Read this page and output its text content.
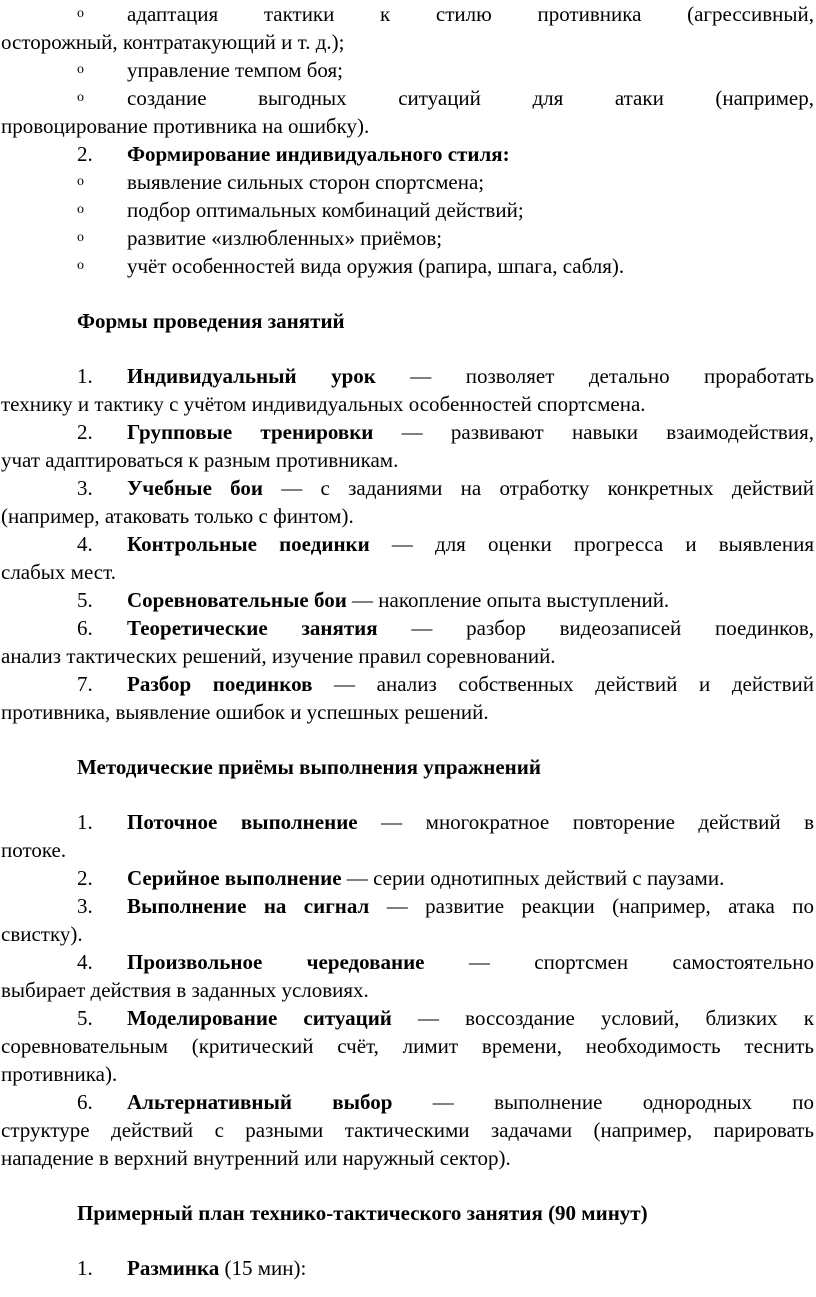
o	адаптация тактики к стилю противника (агрессивный,

осторожный, контратакующий и т. д.);

o	управление темпом боя;
o	создание выгодных ситуаций для атаки (например,

провоцирование противника на ошибку).

2.	Формирование индивидуального стиля:
o	выявление сильных сторон спортсмена;
o	подбор оптимальных комбинаций действий;
o	развитие «излюбленных» приёмов;
o	учёт особенностей вида оружия (рапира, шпага, сабля).

Формы проведения занятий

1. Индивидуальный урок — позволяет детально проработать

технику и тактику с учётом индивидуальных особенностей спортсмена.

2. Групповые тренировки — развивают навыки взаимодействия,

учат адаптироваться к разным противникам.

3. Учебные бои — с заданиями на отработку конкретных действий

(например, атаковать только с финтом).

4. Контрольные поединки — для оценки прогресса и выявления

слабых мест.

5. Соревновательные бои — накопление опыта выступлений.

6. Теоретические занятия — разбор видеозаписей поединков,

анализ тактических решений, изучение правил соревнований.

7. Разбор поединков — анализ собственных действий и действий

противника, выявление ошибок и успешных решений.

Методические приёмы выполнения упражнений

1. Поточное выполнение — многократное повторение действий в

потоке.

2. Серийное выполнение — серии однотипных действий с паузами.

3. Выполнение на сигнал — развитие реакции (например, атака по

свистку).

4. Произвольное чередование — спортсмен самостоятельно

выбирает действия в заданных условиях.

5. Моделирование ситуаций — воссоздание условий, близких к

соревновательным (критический счёт, лимит времени, необходимость теснить

противника).

6. Альтернативный выбор — выполнение однородных по

структуре действий с разными тактическими задачами (например, парировать

нападение в верхний внутренний или наружный сектор).

Примерный план технико-тактического занятия (90 минут)

1.	Разминка (15 мин):
